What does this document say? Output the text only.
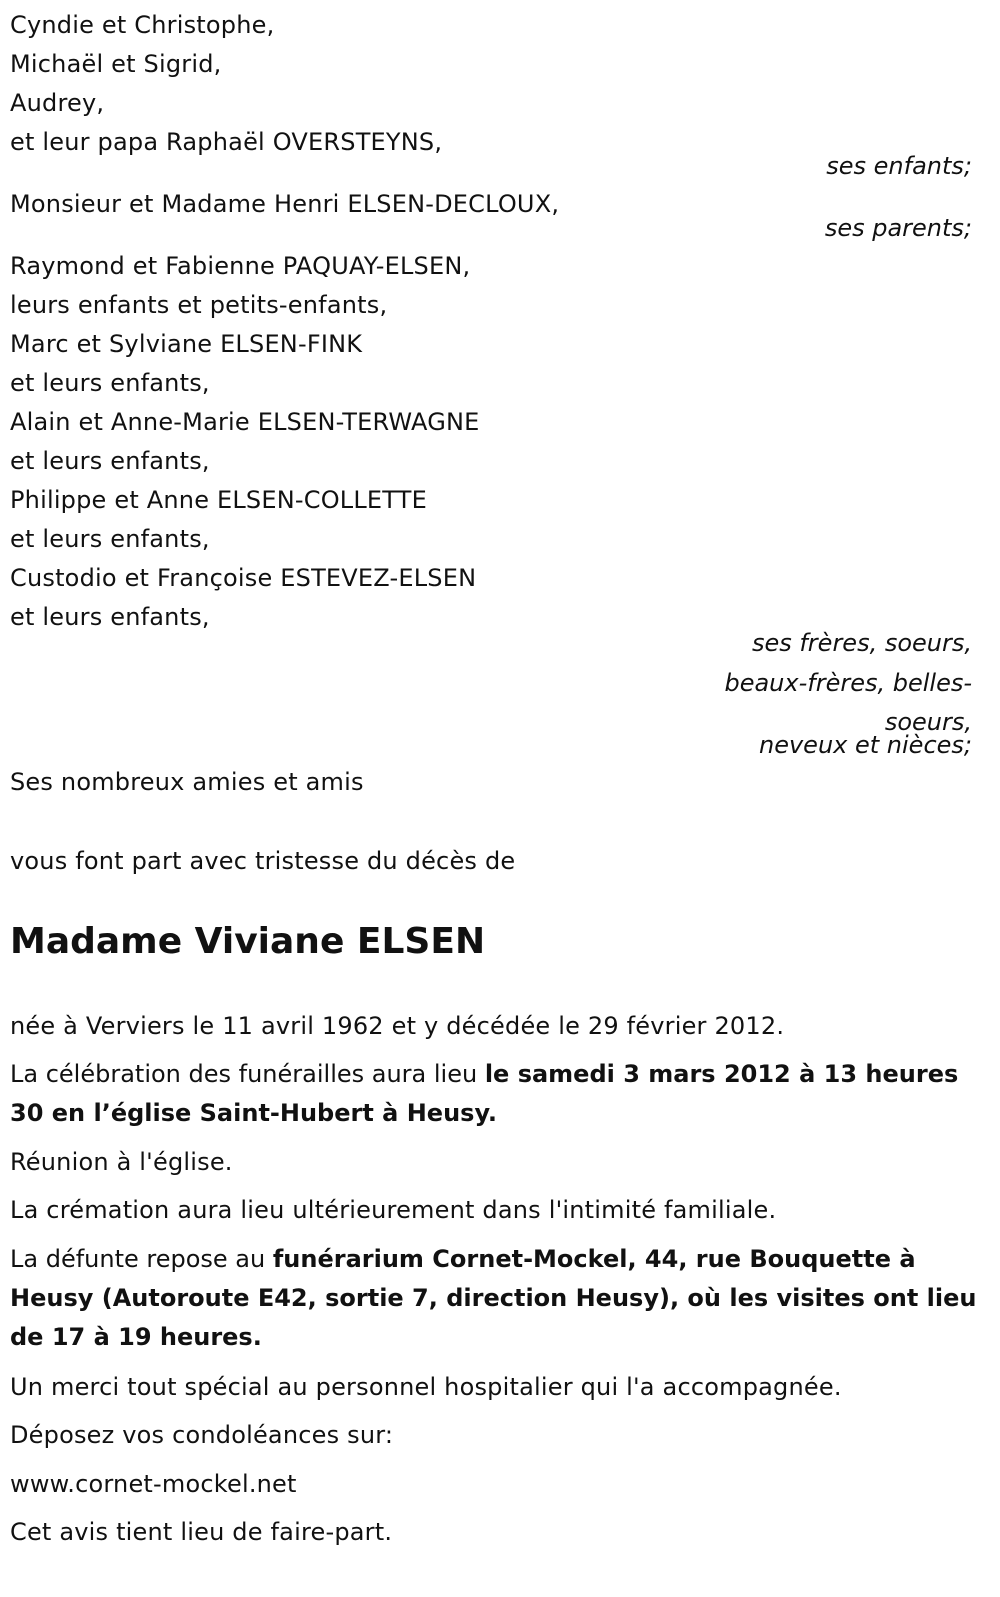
Cyndie et Christophe,

Michaël et Sigrid,

Audrey,

et leur papa Raphaël OVERSTEYNS,

ses enfants;

Monsieur et Madame Henri ELSEN-DECLOUX,

ses parents;

Raymond et Fabienne PAQUAY-ELSEN,

leurs enfants et petits-enfants,

Marc et Sylviane ELSEN-FINK

et leurs enfants,

Alain et Anne-Marie ELSEN-TERWAGNE

et leurs enfants,

Philippe et Anne ELSEN-COLLETTE

et leurs enfants,

Custodio et Françoise ESTEVEZ-ELSEN

et leurs enfants,

ses frères, soeurs,
beaux-frères, belles-
soeurs,
neveux et nièces;

Ses nombreux amies et amis

vous font part avec tristesse du décès de

Madame Viviane ELSEN

née à Verviers le 11 avril 1962 et y décédée le 29 février 2012.

La célébration des funérailles aura lieu le samedi 3 mars 2012 à 13 heures 30 en l’église Saint-Hubert à Heusy.

Réunion à l'église.

La crémation aura lieu ultérieurement dans l'intimité familiale.

La défunte repose au funérarium Cornet-Mockel, 44, rue Bouquette à Heusy (Autoroute E42, sortie 7, direction Heusy), où les visites ont lieu de 17 à 19 heures.

Un merci tout spécial au personnel hospitalier qui l'a accompagnée.

Déposez vos condoléances sur:

www.cornet-mockel.net

Cet avis tient lieu de faire-part.
